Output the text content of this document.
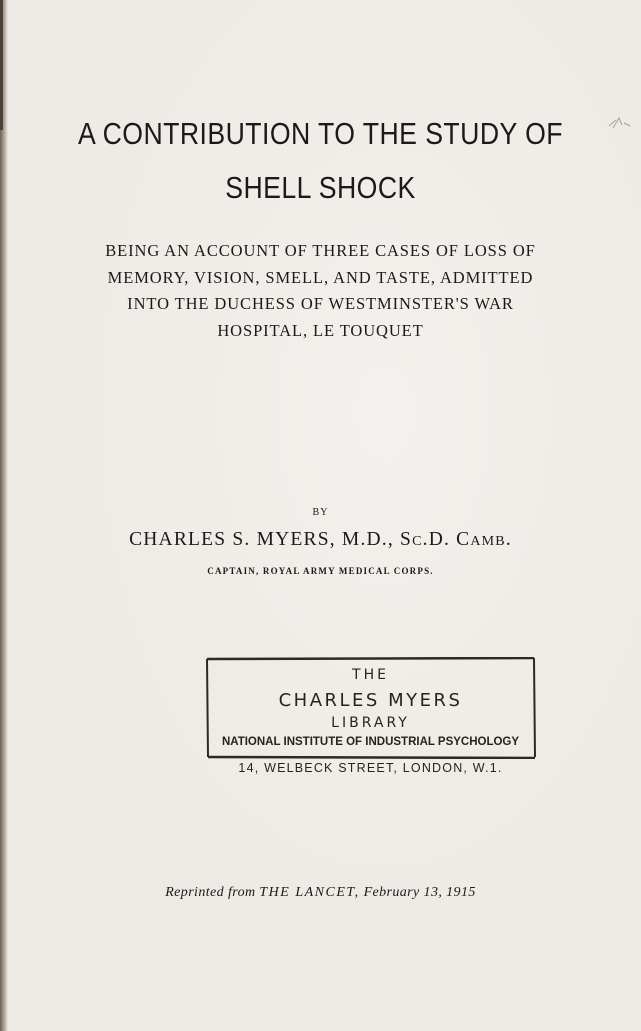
A CONTRIBUTION TO THE STUDY OF
SHELL SHOCK
BEING AN ACCOUNT OF THREE CASES OF LOSS OF
MEMORY, VISION, SMELL, AND TASTE, ADMITTED
INTO THE DUCHESS OF WESTMINSTER'S WAR
HOSPITAL, LE TOUQUET
BY
CHARLES S. MYERS, M.D., Sc.D. Camb.
CAPTAIN, ROYAL ARMY MEDICAL CORPS.
THE
CHARLES MYERS
LIBRARY
NATIONAL INSTITUTE OF INDUSTRIAL PSYCHOLOGY
14, WELBECK STREET, LONDON, W.1.
Reprinted from THE LANCET, February 13, 1915
